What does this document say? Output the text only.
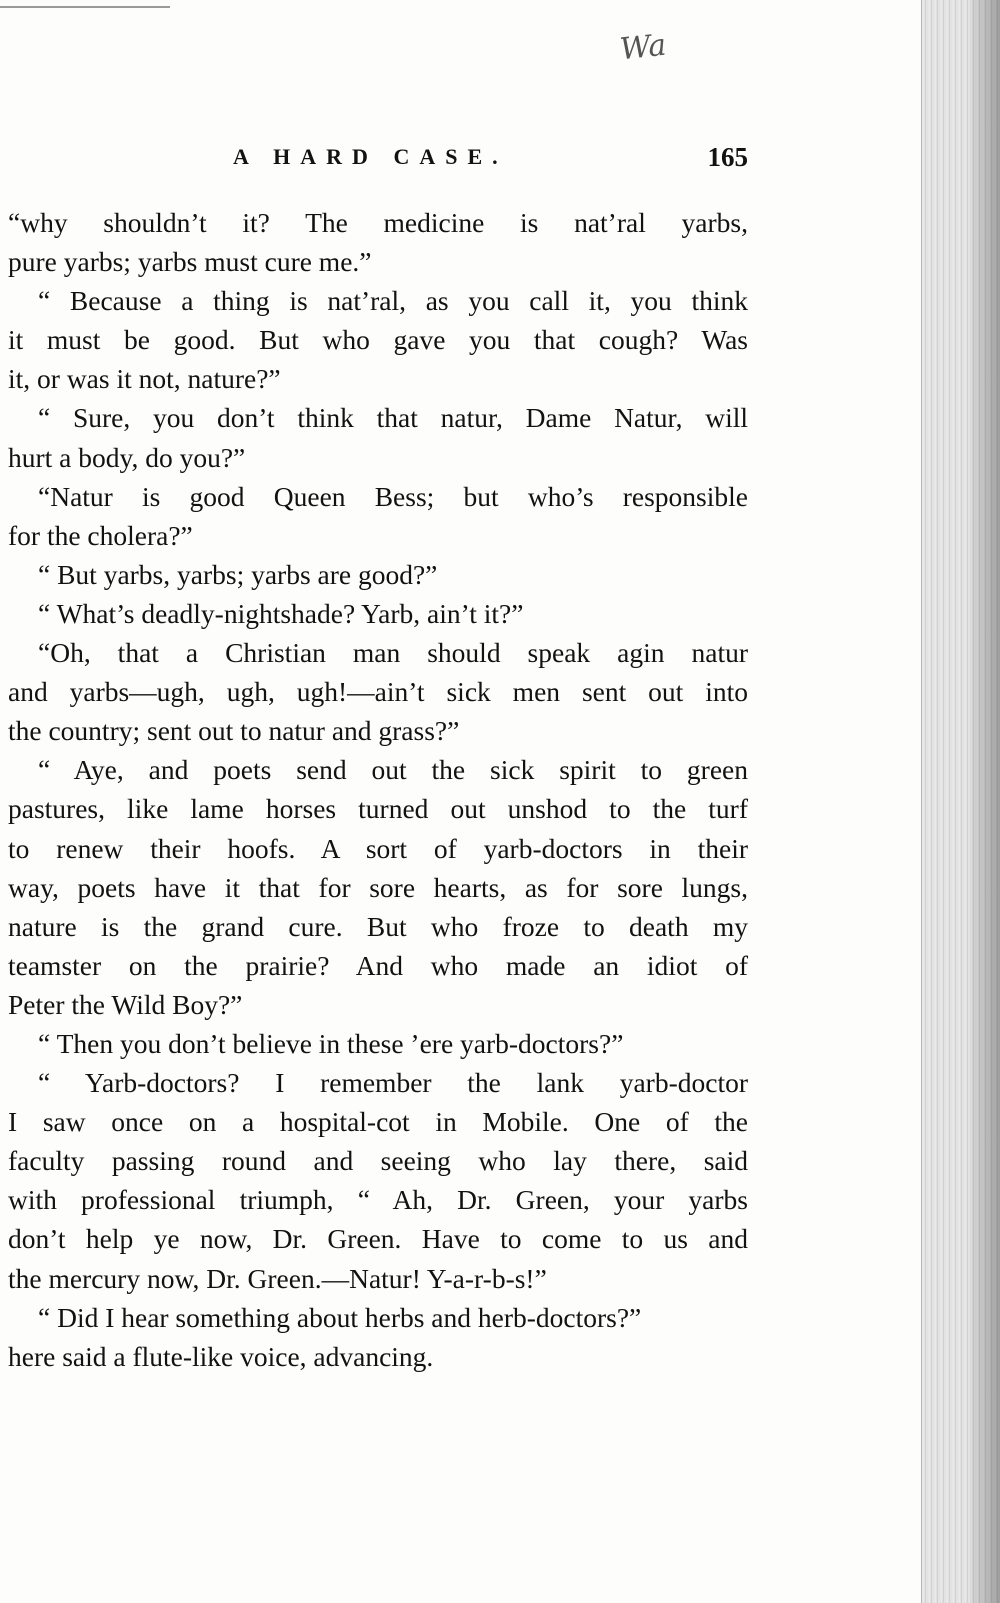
Wa
A HARD CASE.	165
“why shouldn’t it? The medicine is nat’ral yarbs,
pure yarbs; yarbs must cure me.”
“ Because a thing is nat’ral, as you call it, you think
it must be good. But who gave you that cough? Was
it, or was it not, nature?”
“ Sure, you don’t think that natur, Dame Natur, will
hurt a body, do you?”
“Natur is good Queen Bess; but who’s responsible
for the cholera?”
“ But yarbs, yarbs; yarbs are good?”
“ What’s deadly-nightshade? Yarb, ain’t it?”
“Oh, that a Christian man should speak agin natur
and yarbs—ugh, ugh, ugh!—ain’t sick men sent out into
the country; sent out to natur and grass?”
“ Aye, and poets send out the sick spirit to green
pastures, like lame horses turned out unshod to the turf
to renew their hoofs. A sort of yarb-doctors in their
way, poets have it that for sore hearts, as for sore lungs,
nature is the grand cure. But who froze to death my
teamster on the prairie? And who made an idiot of
Peter the Wild Boy?”
“ Then you don’t believe in these ’ere yarb-doctors?”
“ Yarb-doctors? I remember the lank yarb-doctor
I saw once on a hospital-cot in Mobile. One of the
faculty passing round and seeing who lay there, said
with professional triumph, “ Ah, Dr. Green, your yarbs
don’t help ye now, Dr. Green. Have to come to us and
the mercury now, Dr. Green.—Natur! Y-a-r-b-s!”
“ Did I hear something about herbs and herb-doctors?”
here said a flute-like voice, advancing.
